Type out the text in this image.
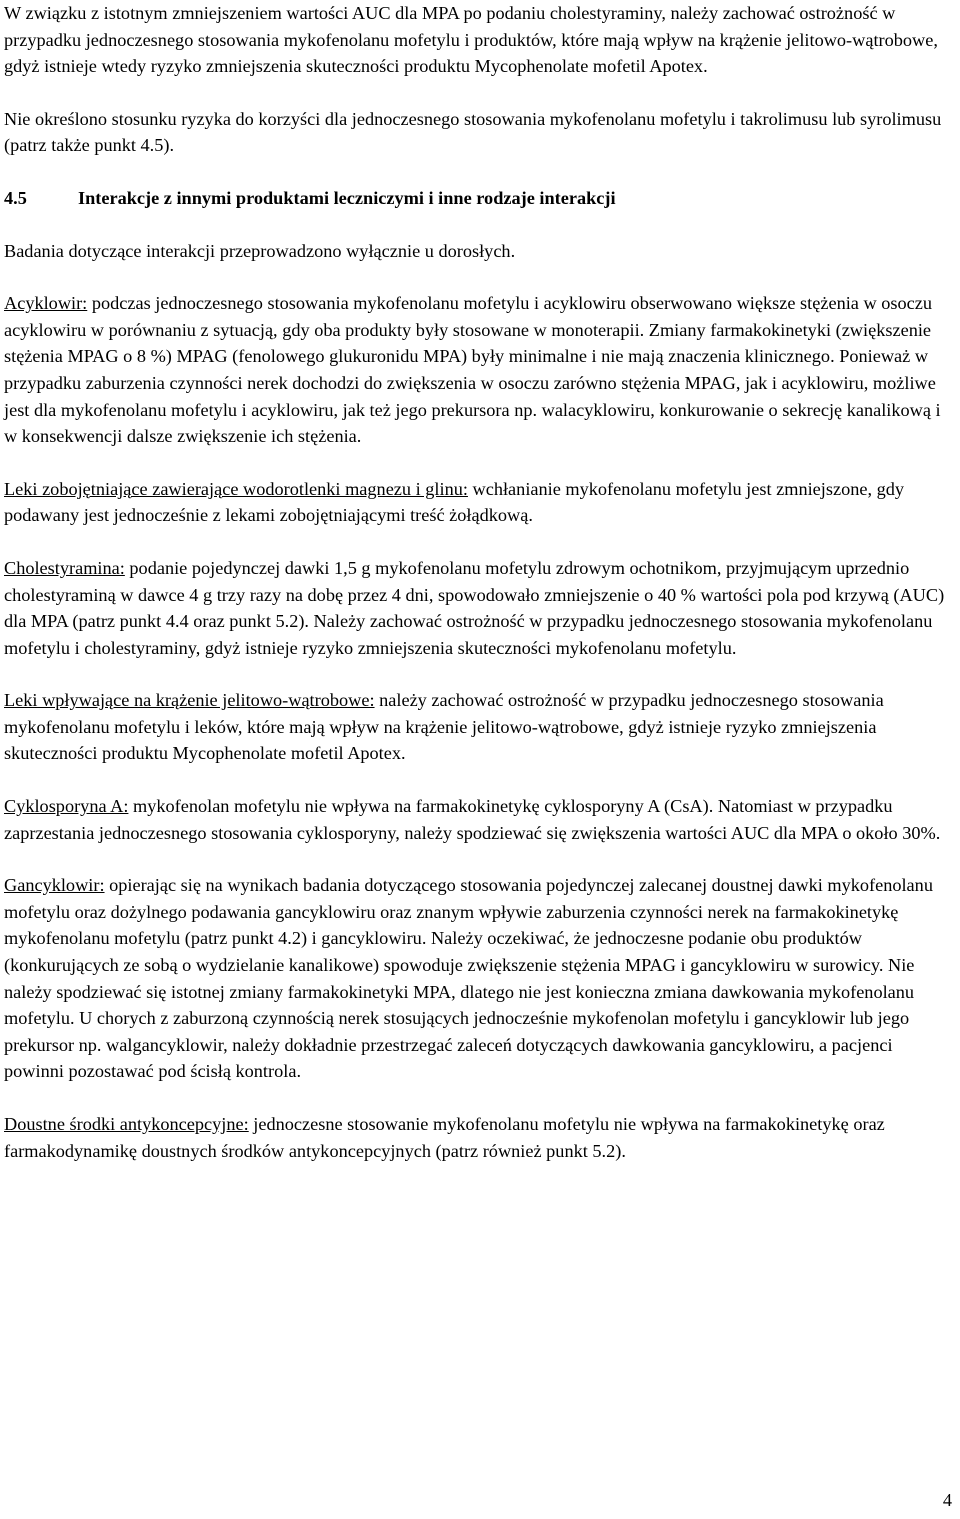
W związku z istotnym zmniejszeniem wartości AUC dla MPA po podaniu cholestyraminy, należy zachować ostrożność w przypadku jednoczesnego stosowania mykofenolanu mofetylu i produktów, które mają wpływ na krążenie jelitowo-wątrobowe, gdyż istnieje wtedy ryzyko zmniejszenia skuteczności produktu Mycophenolate mofetil Apotex.

Nie określono stosunku ryzyka do korzyści dla jednoczesnego stosowania mykofenolanu mofetylu i takrolimusu lub syrolimusu (patrz także punkt 4.5).

4.5	Interakcje z innymi produktami leczniczymi i inne rodzaje interakcji

Badania dotyczące interakcji przeprowadzono wyłącznie u dorosłych.

Acyklowir: podczas jednoczesnego stosowania mykofenolanu mofetylu i acyklowiru obserwowano większe stężenia w osoczu acyklowiru w porównaniu z sytuacją, gdy oba produkty były stosowane w monoterapii. Zmiany farmakokinetyki (zwiększenie stężenia MPAG o 8 %) MPAG (fenolowego glukuronidu MPA) były minimalne i nie mają znaczenia klinicznego. Ponieważ w przypadku zaburzenia czynności nerek dochodzi do zwiększenia w osoczu zarówno stężenia MPAG, jak i acyklowiru, możliwe jest dla mykofenolanu mofetylu i acyklowiru, jak też jego prekursora np. walacyklowiru, konkurowanie o sekrecję kanalikową i w konsekwencji dalsze zwiększenie ich stężenia.

Leki zobojętniające zawierające wodorotlenki magnezu i glinu: wchłanianie mykofenolanu mofetylu jest zmniejszone, gdy podawany jest jednocześnie z lekami zobojętniającymi treść żołądkową.

Cholestyramina: podanie pojedynczej dawki 1,5 g mykofenolanu mofetylu zdrowym ochotnikom, przyjmującym uprzednio cholestyraminą w dawce 4 g trzy razy na dobę przez 4 dni, spowodowało zmniejszenie o 40 % wartości pola pod krzywą (AUC) dla MPA (patrz punkt 4.4 oraz punkt 5.2). Należy zachować ostrożność w przypadku jednoczesnego stosowania mykofenolanu mofetylu i cholestyraminy, gdyż istnieje ryzyko zmniejszenia skuteczności mykofenolanu mofetylu.

Leki wpływające na krążenie jelitowo-wątrobowe: należy zachować ostrożność w przypadku jednoczesnego stosowania mykofenolanu mofetylu i leków, które mają wpływ na krążenie jelitowo-wątrobowe, gdyż istnieje ryzyko zmniejszenia skuteczności produktu Mycophenolate mofetil Apotex.

Cyklosporyna A: mykofenolan mofetylu nie wpływa na farmakokinetykę cyklosporyny A (CsA). Natomiast w przypadku zaprzestania jednoczesnego stosowania cyklosporyny, należy spodziewać się zwiększenia wartości AUC dla MPA o około 30%.

Gancyklowir: opierając się na wynikach badania dotyczącego stosowania pojedynczej zalecanej doustnej dawki mykofenolanu mofetylu oraz dożylnego podawania gancyklowiru oraz znanym wpływie zaburzenia czynności nerek na farmakokinetykę mykofenolanu mofetylu (patrz punkt 4.2) i gancyklowiru. Należy oczekiwać, że jednoczesne podanie obu produktów (konkurujących ze sobą o wydzielanie kanalikowe) spowoduje zwiększenie stężenia MPAG i gancyklowiru w surowicy. Nie należy spodziewać się istotnej zmiany farmakokinetyki MPA, dlatego nie jest konieczna zmiana dawkowania mykofenolanu mofetylu. U chorych z zaburzoną czynnością nerek stosujących jednocześnie mykofenolan mofetylu i gancyklowir lub jego prekursor np. walgancyklowir, należy dokładnie przestrzegać zaleceń dotyczących dawkowania gancyklowiru, a pacjenci powinni pozostawać pod ścisłą kontrola.

Doustne środki antykoncepcyjne: jednoczesne stosowanie mykofenolanu mofetylu nie wpływa na farmakokinetykę oraz farmakodynamikę doustnych środków antykoncepcyjnych (patrz również punkt 5.2).

4
